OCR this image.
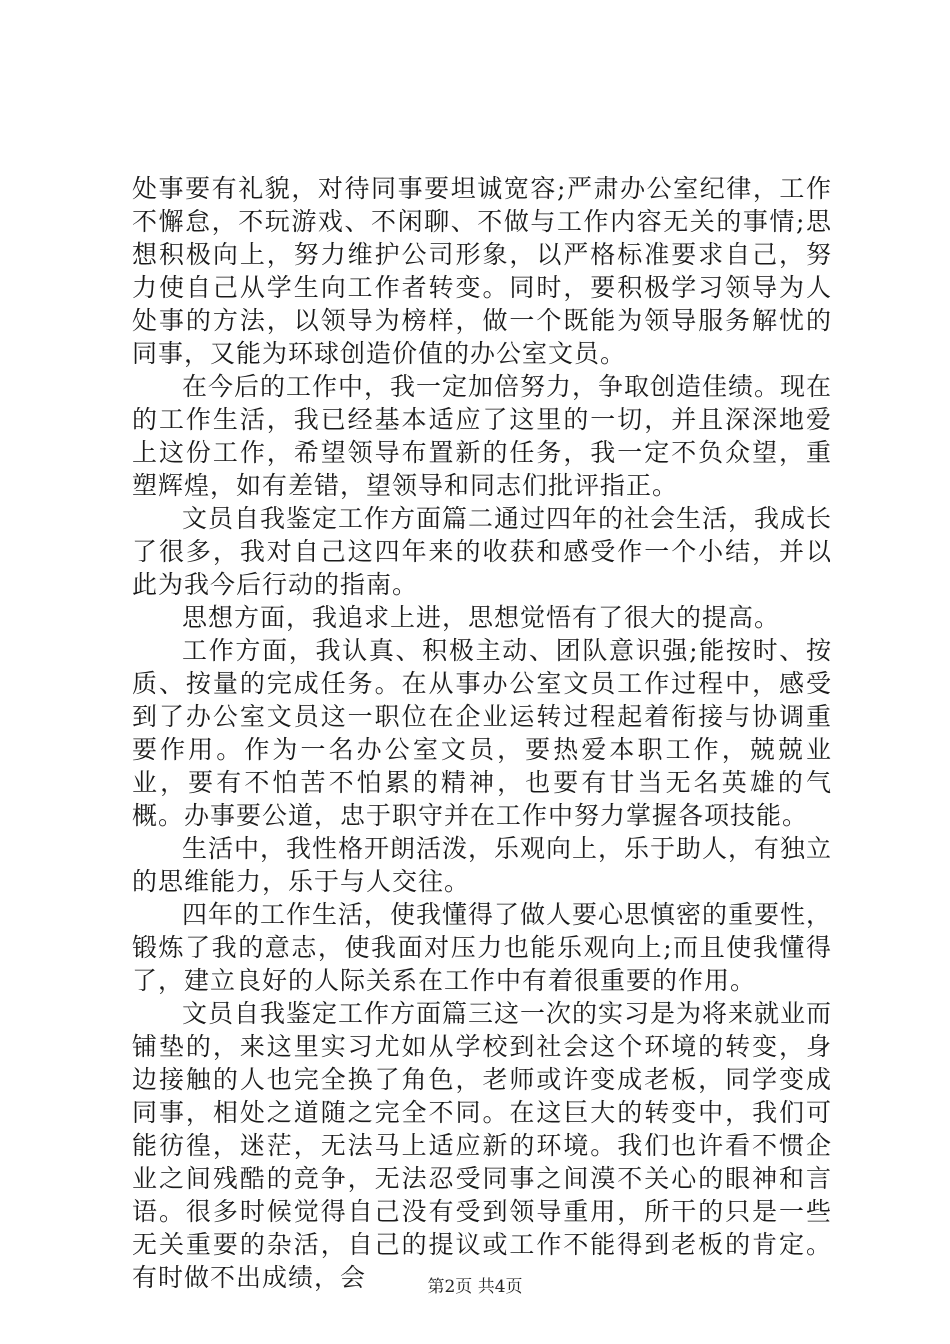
处事要有礼貌，对待同事要坦诚宽容;严肃办公室纪律，工作不懈怠，不玩游戏、不闲聊、不做与工作内容无关的事情;思想积极向上，努力维护公司形象，以严格标准要求自己，努力使自己从学生向工作者转变。同时，要积极学习领导为人处事的方法，以领导为榜样，做一个既能为领导服务解忧的同事，又能为环球创造价值的办公室文员。

在今后的工作中，我一定加倍努力，争取创造佳绩。现在的工作生活，我已经基本适应了这里的一切，并且深深地爱上这份工作，希望领导布置新的任务，我一定不负众望，重塑辉煌，如有差错，望领导和同志们批评指正。

文员自我鉴定工作方面篇二通过四年的社会生活，我成长了很多，我对自己这四年来的收获和感受作一个小结，并以此为我今后行动的指南。

思想方面，我追求上进，思想觉悟有了很大的提高。

工作方面，我认真、积极主动、团队意识强;能按时、按质、按量的完成任务。在从事办公室文员工作过程中，感受到了办公室文员这一职位在企业运转过程起着衔接与协调重要作用。作为一名办公室文员，要热爱本职工作，兢兢业业，要有不怕苦不怕累的精神，也要有甘当无名英雄的气概。办事要公道，忠于职守并在工作中努力掌握各项技能。

生活中，我性格开朗活泼，乐观向上，乐于助人，有独立的思维能力，乐于与人交往。

四年的工作生活，使我懂得了做人要心思慎密的重要性，锻炼了我的意志，使我面对压力也能乐观向上;而且使我懂得了，建立良好的人际关系在工作中有着很重要的作用。

文员自我鉴定工作方面篇三这一次的实习是为将来就业而铺垫的，来这里实习尤如从学校到社会这个环境的转变，身边接触的人也完全换了角色，老师或许变成老板，同学变成同事，相处之道随之完全不同。在这巨大的转变中，我们可能彷徨，迷茫，无法马上适应新的环境。我们也许看不惯企业之间残酷的竞争，无法忍受同事之间漠不关心的眼神和言语。很多时候觉得自己没有受到领导重用，所干的只是一些无关重要的杂活，自己的提议或工作不能得到老板的肯定。有时做不出成绩，会	第2页 共4页
